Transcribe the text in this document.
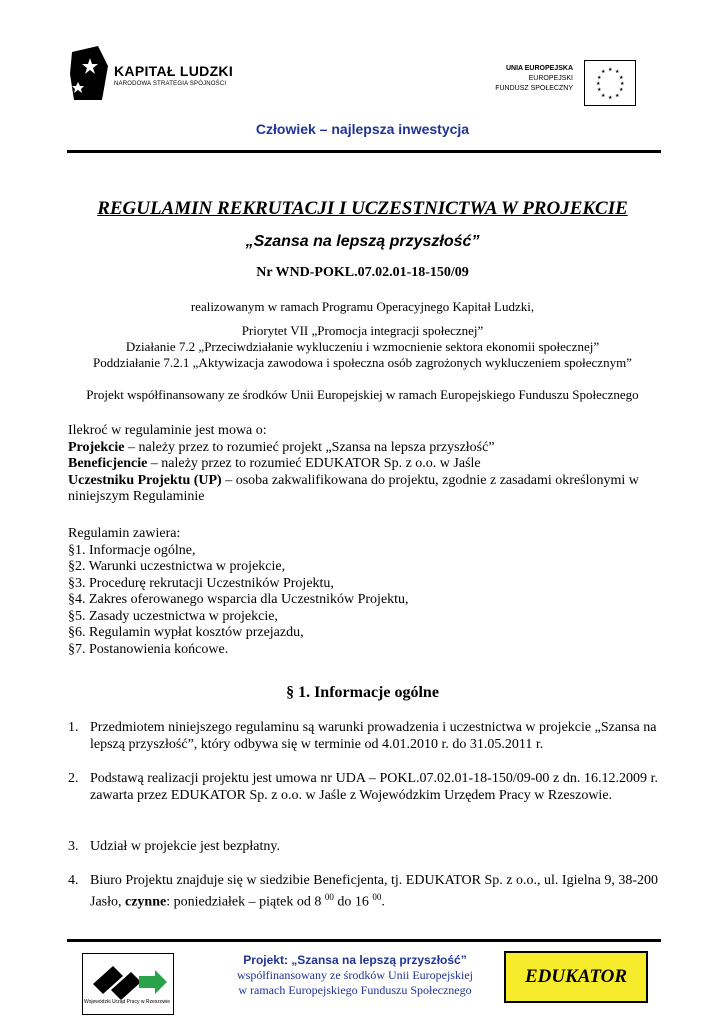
KAPITAŁ LUDZKI
NARODOWA STRATEGIA SPÓJNOŚCI
UNIA EUROPEJSKA
EUROPEJSKI
FUNDUSZ SPOŁECZNY
★ ★
★
★
★
★
★
★
★
★
★
★
Człowiek – najlepsza inwestycja
REGULAMIN REKRUTACJI I UCZESTNICTWA W PROJEKCIE
„Szansa na lepszą przyszłość”
Nr WND-POKL.07.02.01-18-150/09
realizowanym w ramach Programu Operacyjnego Kapitał Ludzki,
Priorytet VII „Promocja integracji społecznej”
Działanie 7.2 „Przeciwdziałanie wykluczeniu i wzmocnienie sektora ekonomii społecznej”
Poddziałanie 7.2.1 „Aktywizacja zawodowa i społeczna osób zagrożonych wykluczeniem społecznym”
Projekt współfinansowany ze środków Unii Europejskiej w ramach Europejskiego Funduszu Społecznego
Ilekroć w regulaminie jest mowa o:
Projekcie – należy przez to rozumieć projekt „Szansa na lepsza przyszłość”
Beneficjencie – należy przez to rozumieć EDUKATOR Sp. z o.o. w Jaśle
Uczestniku Projektu (UP) – osoba zakwalifikowana do projektu, zgodnie z zasadami określonymi w niniejszym Regulaminie
Regulamin zawiera:
§1. Informacje ogólne,
§2. Warunki uczestnictwa w projekcie,
§3. Procedurę rekrutacji Uczestników Projektu,
§4. Zakres oferowanego wsparcia dla Uczestników Projektu,
§5. Zasady uczestnictwa w projekcie,
§6. Regulamin wypłat kosztów przejazdu,
§7. Postanowienia końcowe.
§ 1. Informacje ogólne
1. Przedmiotem niniejszego regulaminu są warunki prowadzenia i uczestnictwa w projekcie „Szansa na lepszą przyszłość”, który odbywa się w terminie od 4.01.2010 r. do 31.05.2011 r.
2. Podstawą realizacji projektu jest umowa nr UDA – POKL.07.02.01-18-150/09-00 z dn. 16.12.2009 r. zawarta przez EDUKATOR Sp. z o.o. w Jaśle z Wojewódzkim Urzędem Pracy w Rzeszowie.
3. Udział w projekcie jest bezpłatny.
4. Biuro Projektu znajduje się w siedzibie Beneficjenta, tj. EDUKATOR Sp. z o.o., ul. Igielna 9, 38-200 Jasło, czynne: poniedziałek – piątek od 8 $^{00}$ do 16 $^{00}$.
Wojewódzki Urząd Pracy w Rzeszowie
Projekt: „Szansa na lepszą przyszłość”
współfinansowany ze środków Unii Europejskiej
w ramach Europejskiego Funduszu Społecznego
EDUKATOR
